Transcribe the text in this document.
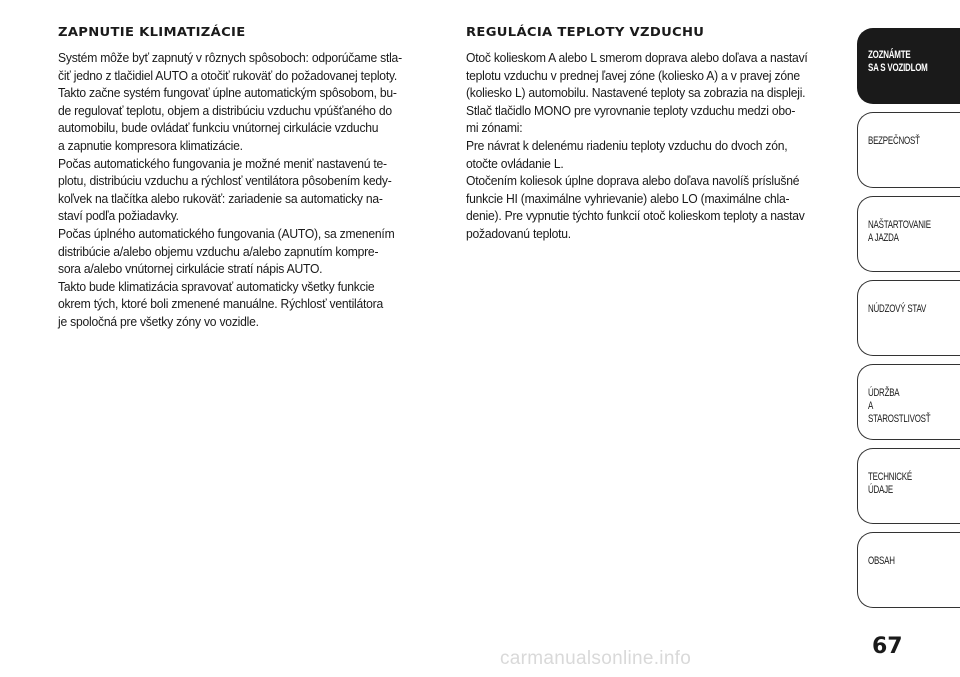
ZAPNUTIE KLIMATIZÁCIE
Systém môže byť zapnutý v rôznych spôsoboch: odporúčame stla-
čiť jedno z tlačidiel AUTO a otočiť rukoväť do požadovanej teploty.
Takto začne systém fungovať úplne automatickým spôsobom, bu-
de regulovať teplotu, objem a distribúciu vzduchu vpúšťaného do
automobilu, bude ovládať funkciu vnútornej cirkulácie vzduchu
a zapnutie kompresora klimatizácie.
Počas automatického fungovania je možné meniť nastavenú te-
plotu, distribúciu vzduchu a rýchlosť ventilátora pôsobením kedy-
koľvek na tlačítka alebo rukoväť: zariadenie sa automaticky na-
staví podľa požiadavky.
Počas úplného automatického fungovania (AUTO), sa zmenením
distribúcie a/alebo objemu vzduchu a/alebo zapnutím kompre-
sora a/alebo vnútornej cirkulácie stratí nápis AUTO.
Takto bude klimatizácia spravovať automaticky všetky funkcie
okrem tých, ktoré boli zmenené manuálne. Rýchlosť ventilátora
je spoločná pre všetky zóny vo vozidle.
REGULÁCIA TEPLOTY VZDUCHU
Otoč kolieskom A alebo L smerom doprava alebo doľava a nastaví
teplotu vzduchu v prednej ľavej zóne (koliesko A) a v pravej zóne
(koliesko L) automobilu. Nastavené teploty sa zobrazia na displeji.
Stlač tlačidlo MONO pre vyrovnanie teploty vzduchu medzi obo-
mi zónami:
Pre návrat k delenému riadeniu teploty vzduchu do dvoch zón,
otočte ovládanie L.
Otočením koliesok úplne doprava alebo doľava navolíš príslušné
funkcie HI (maximálne vyhrievanie) alebo LO (maximálne chla-
denie). Pre vypnutie týchto funkcií otoč kolieskom teploty a nastav
požadovanú teplotu.
ZOZNÁMTE
SA S VOZIDLOM
BEZPEČNOSŤ
NAŠTARTOVANIE
A JAZDA
NÚDZOVÝ STAV
ÚDRŽBA
A STAROSTLIVOSŤ
TECHNICKÉ
ÚDAJE
OBSAH
67
carmanualsonline.info
